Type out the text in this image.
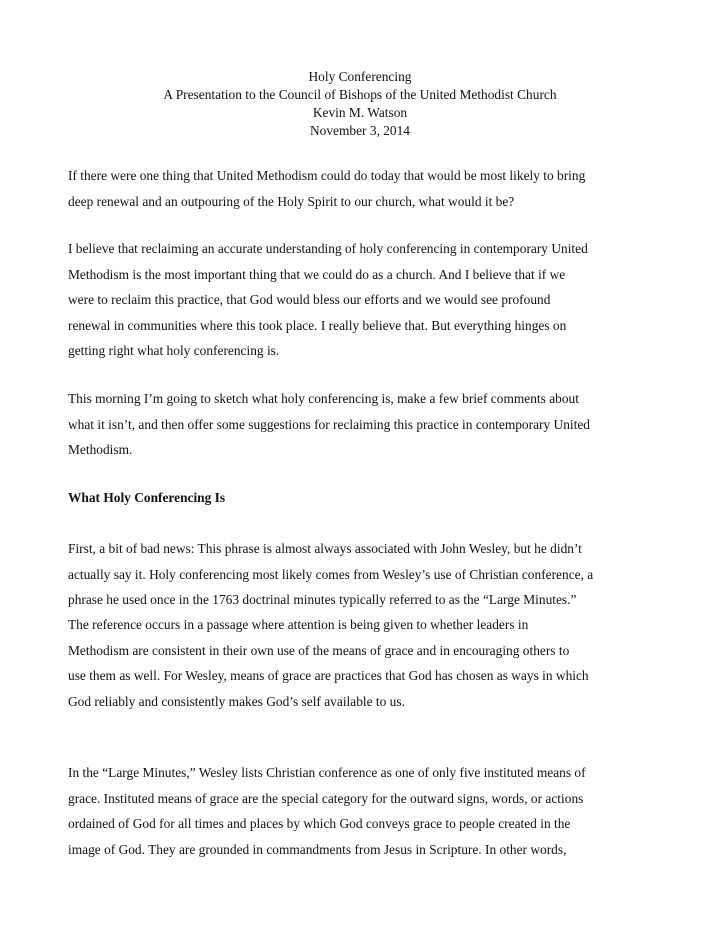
Holy Conferencing
A Presentation to the Council of Bishops of the United Methodist Church
Kevin M. Watson
November 3, 2014

If there were one thing that United Methodism could do today that would be most likely to bring
deep renewal and an outpouring of the Holy Spirit to our church, what would it be?

I believe that reclaiming an accurate understanding of holy conferencing in contemporary United
Methodism is the most important thing that we could do as a church. And I believe that if we
were to reclaim this practice, that God would bless our efforts and we would see profound
renewal in communities where this took place. I really believe that. But everything hinges on
getting right what holy conferencing is.

This morning I’m going to sketch what holy conferencing is, make a few brief comments about
what it isn’t, and then offer some suggestions for reclaiming this practice in contemporary United
Methodism.

What Holy Conferencing Is

First, a bit of bad news: This phrase is almost always associated with John Wesley, but he didn’t
actually say it. Holy conferencing most likely comes from Wesley’s use of Christian conference, a
phrase he used once in the 1763 doctrinal minutes typically referred to as the “Large Minutes.”

The reference occurs in a passage where attention is being given to whether leaders in
Methodism are consistent in their own use of the means of grace and in encouraging others to
use them as well. For Wesley, means of grace are practices that God has chosen as ways in which
God reliably and consistently makes God’s self available to us.

In the “Large Minutes,” Wesley lists Christian conference as one of only five instituted means of
grace. Instituted means of grace are the special category for the outward signs, words, or actions
ordained of God for all times and places by which God conveys grace to people created in the
image of God. They are grounded in commandments from Jesus in Scripture. In other words,
